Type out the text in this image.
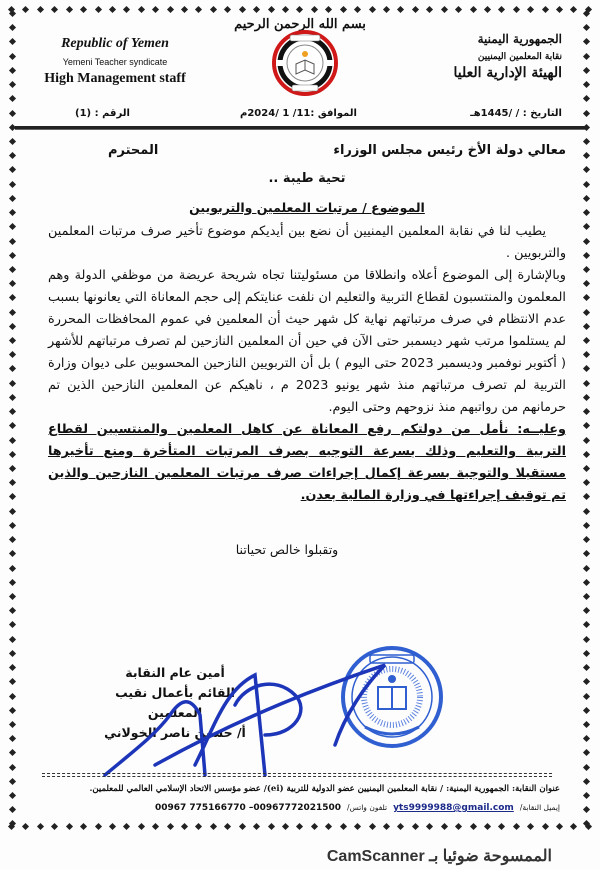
بسم الله الرحمن الرحيم
Republic of Yemen
Yemeni Teacher syndicate
High Management staff
الجمهورية اليمنية
نقابة المعلمين اليمنيين
الهيئة الإدارية العليا
التاريخ : / /1445هـ
الموافق :11/ 1 /2024م
الرقم : (1)
معالي دولة الأخ رئيس مجلس الوزراء
المحترم
تحية طيبة ..
الموضوع / مرتبات المعلمين والتربويين
يطيب لنا في نقابة المعلمين اليمنيين أن نضع بين أيديكم موضوع تأخير صرف مرتبات المعلمين والتربويين .
وبالإشارة إلى الموضوع أعلاه وانطلاقا من مسئوليتنا تجاه شريحة عريضة من موظفي الدولة وهم المعلمون والمنتسبون لقطاع التربية والتعليم ان نلفت عنايتكم إلى حجم المعاناة التي يعانونها بسبب عدم الانتظام في صرف مرتباتهم نهاية كل شهر حيث أن المعلمين في عموم المحافظات المحررة لم يستلموا مرتب شهر ديسمبر حتى الآن في حين أن المعلمين النازحين لم تصرف مرتباتهم للأشهر ( أكتوبر نوفمبر وديسمبر 2023 حتى اليوم ) بل أن التربويين النازحين المحسوبين على ديوان وزارة التربية لم تصرف مرتباتهم منذ شهر يونيو 2023 م ، ناهيكم عن المعلمين النازحين الذين تم حرمانهم من رواتبهم منذ نزوحهم وحتى اليوم.
وعليــه: نأمل من دولتكم رفع المعاناة عن كاهل المعلمين والمنتسبين لقطاع التربية والتعليم وذلك بسرعة التوجيه بصرف المرتبات المتأخرة ومنع تأخيرها مستقبلا والتوجية بسرعة إكمال إجراءات صرف مرتبات المعلمين النازحين والذين تم توقيف إجراءتها في وزارة المالية بعدن.
وتقبلوا خالص تحياتنا
أمين عام النقابة
القائم بأعمال نقيب المعلمين
أ/ حسين ناصر الخولاني
عنوان النقابة: الجمهورية اليمنية: / نقابة المعلمين اليمنيين عضو الدولية للتربية (ei)/ عضو مؤسس الاتحاد الإسلامي العالمي للمعلمين.
إيميل النقابة/
yts9999988@gmail.com
تلفون واتس/
00967 775166770 –00967772021500
الممسوحة ضوئيا بـ CamScanner
